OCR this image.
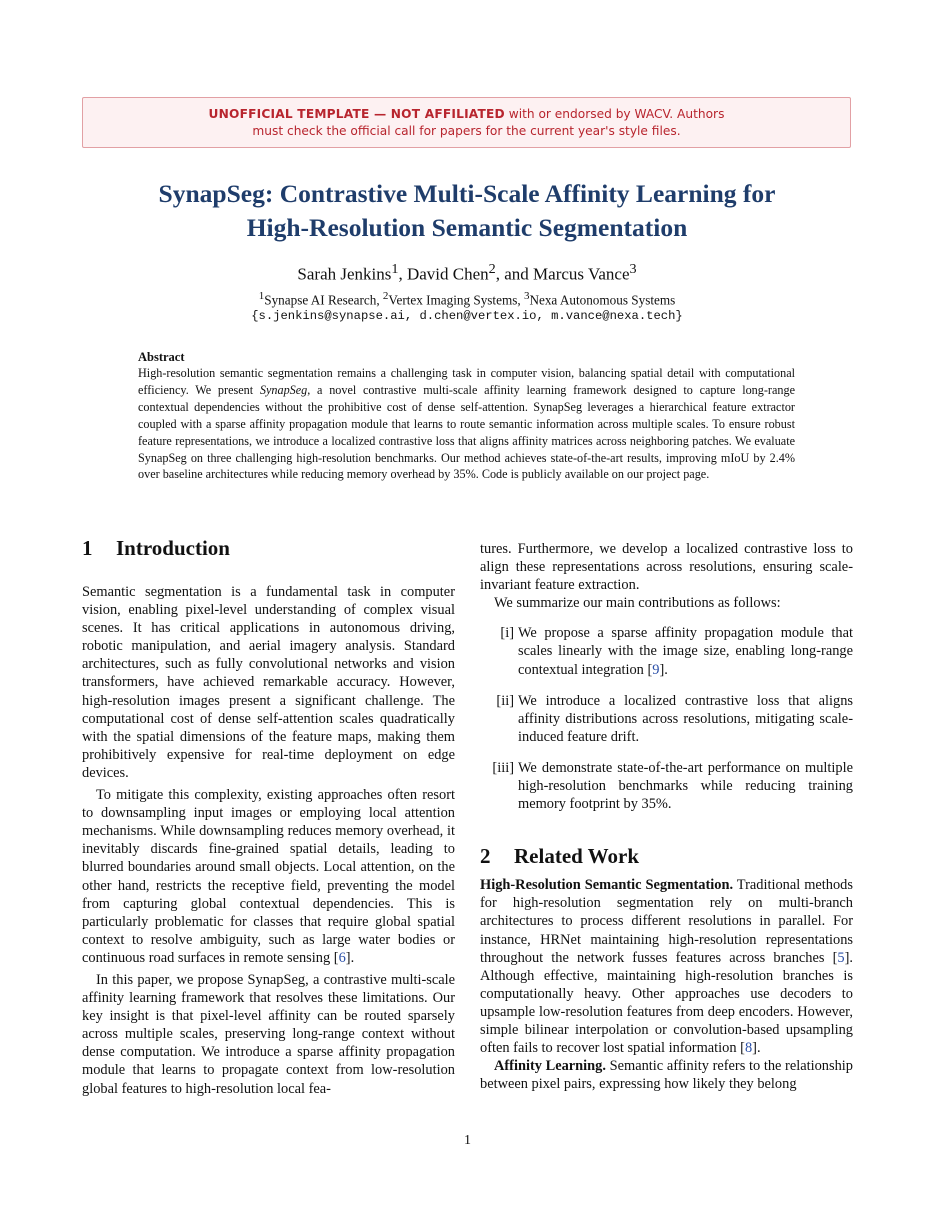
UNOFFICIAL TEMPLATE — NOT AFFILIATED with or endorsed by WACV. Authors must check the official call for papers for the current year's style files.
SynapSeg: Contrastive Multi-Scale Affinity Learning for
High-Resolution Semantic Segmentation
Sarah Jenkins$^1$, David Chen$^2$, and Marcus Vance$^3$
$^1$Synapse AI Research, $^2$Vertex Imaging Systems, $^3$Nexa Autonomous Systems
{s.jenkins@synapse.ai, d.chen@vertex.io, m.vance@nexa.tech}
Abstract

High-resolution semantic segmentation remains a challenging task in computer vision, balancing spatial detail with computational efficiency. We present SynapSeg, a novel contrastive multi-scale affinity learning framework designed to capture long-range contextual dependencies without the prohibitive cost of dense self-attention. SynapSeg leverages a hierarchical feature extractor coupled with a sparse affinity propagation module that learns to route semantic information across multiple scales. To ensure robust feature representations, we introduce a localized contrastive loss that aligns affinity matrices across neighboring patches. We evaluate SynapSeg on three challenging high-resolution benchmarks. Our method achieves state-of-the-art results, improving mIoU by 2.4% over baseline architectures while reducing memory overhead by 35%. Code is publicly available on our project page.

1 Introduction

Semantic segmentation is a fundamental task in computer vision, enabling pixel-level understanding of complex visual scenes. It has critical applications in autonomous driving, robotic manipulation, and aerial imagery analysis. Standard architectures, such as fully convolutional networks and vision transformers, have achieved remarkable accuracy. However, high-resolution images present a significant challenge. The computational cost of dense self-attention scales quadratically with the spatial dimensions of the feature maps, making them prohibitively expensive for real-time deployment on edge devices.

To mitigate this complexity, existing approaches often resort to downsampling input images or employing local attention mechanisms. While downsampling reduces memory overhead, it inevitably discards fine-grained spatial details, leading to blurred boundaries around small objects. Local attention, on the other hand, restricts the receptive field, preventing the model from capturing global contextual dependencies. This is particularly problematic for classes that require global spatial context to resolve ambiguity, such as large water bodies or continuous road surfaces in remote sensing [6].

In this paper, we propose SynapSeg, a contrastive multi-scale affinity learning framework that resolves these limitations. Our key insight is that pixel-level affinity can be routed sparsely across multiple scales, preserving long-range context without dense computation. We introduce a sparse affinity propagation module that learns to propagate context from low-resolution global features to high-resolution local fea-

tures. Furthermore, we develop a localized contrastive loss to align these representations across resolutions, ensuring scale-invariant feature extraction.

We summarize our main contributions as follows:

[i] We propose a sparse affinity propagation module that scales linearly with the image size, enabling long-range contextual integration [9].
[ii] We introduce a localized contrastive loss that aligns affinity distributions across resolutions, mitigating scale-induced feature drift.
[iii] We demonstrate state-of-the-art performance on multiple high-resolution benchmarks while reducing training memory footprint by 35%.
2 Related Work

High-Resolution Semantic Segmentation. Traditional methods for high-resolution segmentation rely on multi-branch architectures to process different resolutions in parallel. For instance, HRNet maintaining high-resolution representations throughout the network fusses features across branches [5]. Although effective, maintaining high-resolution branches is computationally heavy. Other approaches use decoders to upsample low-resolution features from deep encoders. However, simple bilinear interpolation or convolution-based upsampling often fails to recover lost spatial information [8].

Affinity Learning. Semantic affinity refers to the relationship between pixel pairs, expressing how likely they belong

1
